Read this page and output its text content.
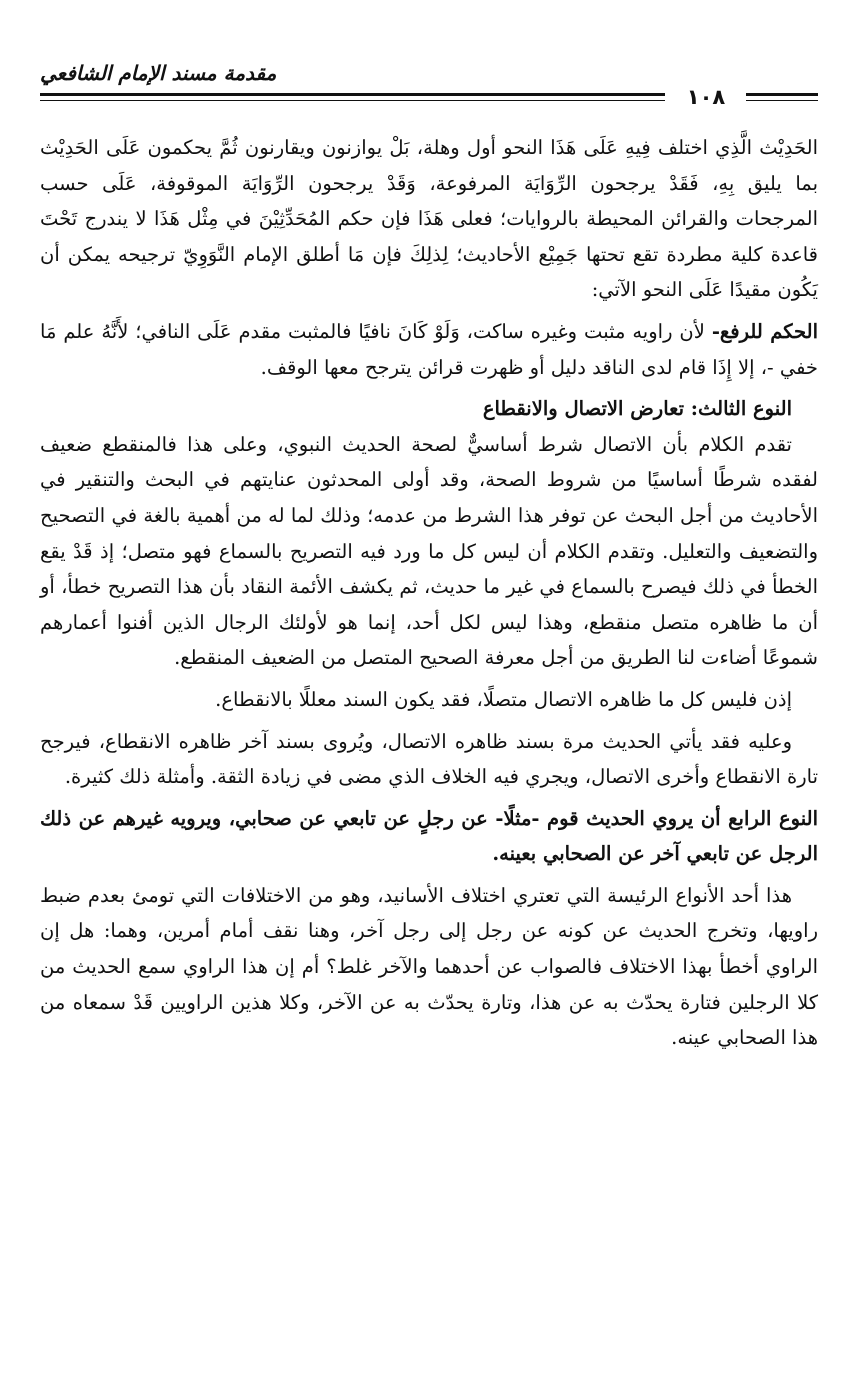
مقدمة مسند الإمام الشافعي
١٠٨

الحَدِيْث الَّذِي اختلف فِيهِ عَلَى هَذَا النحو أول وهلة، بَلْ يوازنون ويقارنون ثُمَّ يحكمون عَلَى الحَدِيْث بما يليق بِهِ، فَقَدْ يرجحون الرِّوَايَة المرفوعة، وَقَدْ يرجحون الرِّوَايَة الموقوفة، عَلَى حسب المرجحات والقرائن المحيطة بالروايات؛ فعلى هَذَا فإن حكم المُحَدِّثِيْنَ في مِثْل هَذَا لا يندرج تَحْتَ قاعدة كلية مطردة تقع تحتها جَمِيْع الأحاديث؛ لِذلِكَ فإن مَا أطلق الإمام النَّوَوِيّ ترجيحه يمكن أن يَكُون مقيدًا عَلَى النحو الآتي:

الحكم للرفع- لأن راويه مثبت وغيره ساكت، وَلَوْ كَانَ نافيًا فالمثبت مقدم عَلَى النافي؛ لأَنَّهُ علم مَا خفي -، إلا إِذَا قام لدى الناقد دليل أو ظهرت قرائن يترجح معها الوقف.

النوع الثالث: تعارض الاتصال والانقطاع

تقدم الكلام بأن الاتصال شرط أساسيٌّ لصحة الحديث النبوي، وعلى هذا فالمنقطع ضعيف لفقده شرطًا أساسيًا من شروط الصحة، وقد أولى المحدثون عنايتهم في البحث والتنقير في الأحاديث من أجل البحث عن توفر هذا الشرط من عدمه؛ وذلك لما له من أهمية بالغة في التصحيح والتضعيف والتعليل. وتقدم الكلام أن ليس كل ما ورد فيه التصريح بالسماع فهو متصل؛ إذ قَدْ يقع الخطأ في ذلك فيصرح بالسماع في غير ما حديث، ثم يكشف الأئمة النقاد بأن هذا التصريح خطأ، أو أن ما ظاهره متصل منقطع، وهذا ليس لكل أحد، إنما هو لأولئك الرجال الذين أفنوا أعمارهم شموعًا أضاءت لنا الطريق من أجل معرفة الصحيح المتصل من الضعيف المنقطع.

إذن فليس كل ما ظاهره الاتصال متصلًا، فقد يكون السند معللًا بالانقطاع.

وعليه فقد يأتي الحديث مرة بسند ظاهره الاتصال، ويُروى بسند آخر ظاهره الانقطاع، فيرجح تارة الانقطاع وأخرى الاتصال، ويجري فيه الخلاف الذي مضى في زيادة الثقة. وأمثلة ذلك كثيرة.

النوع الرابع أن يروي الحديث قوم -مثلًا- عن رجلٍ عن تابعي عن صحابي، ويرويه غيرهم عن ذلك الرجل عن تابعي آخر عن الصحابي بعينه.

هذا أحد الأنواع الرئيسة التي تعتري اختلاف الأسانيد، وهو من الاختلافات التي تومئ بعدم ضبط راويها، وتخرج الحديث عن كونه عن رجل إلى رجل آخر، وهنا نقف أمام أمرين، وهما: هل إن الراوي أخطأ بهذا الاختلاف فالصواب عن أحدهما والآخر غلط؟ أم إن هذا الراوي سمع الحديث من كلا الرجلين فتارة يحدّث به عن هذا، وتارة يحدّث به عن الآخر، وكلا هذين الراويين قَدْ سمعاه من هذا الصحابي عينه.
